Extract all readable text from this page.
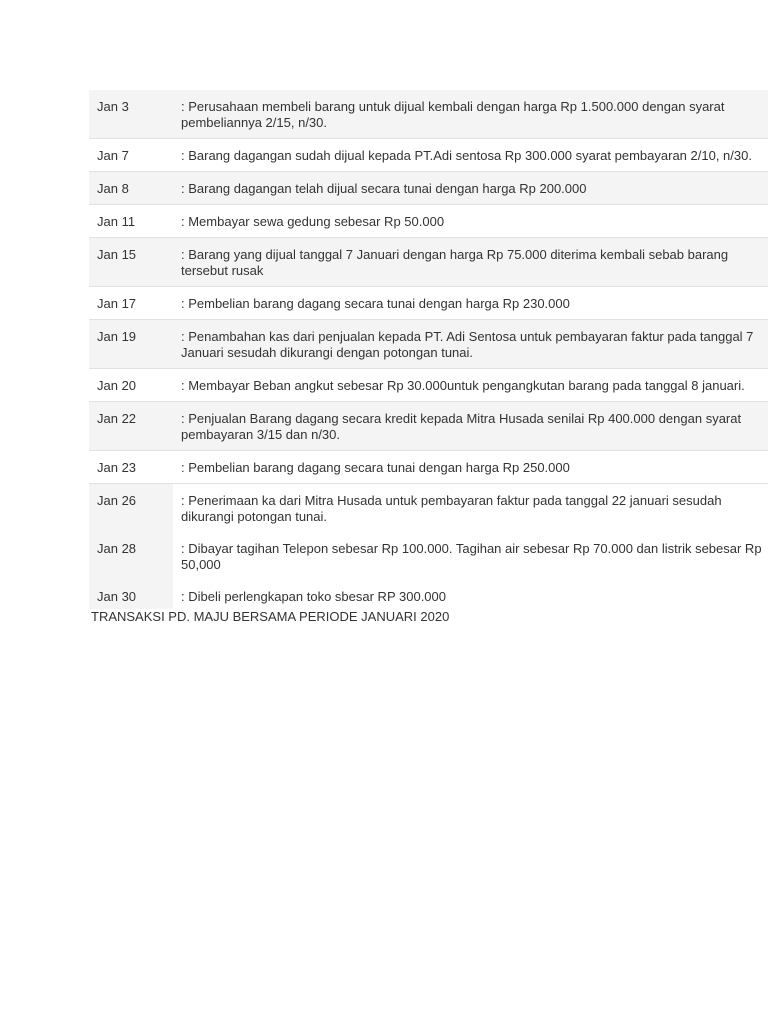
Jan 3	: Perusahaan membeli barang untuk dijual kembali dengan harga Rp 1.500.000 dengan syarat pembeliannya 2/15, n/30.
Jan 7	: Barang dagangan sudah dijual kepada PT.Adi sentosa Rp 300.000 syarat pembayaran 2/10, n/30.
Jan 8	: Barang dagangan telah dijual secara tunai dengan harga Rp 200.000
Jan 11	: Membayar sewa gedung sebesar Rp 50.000
Jan 15	: Barang yang dijual tanggal 7 Januari dengan harga Rp 75.000 diterima kembali sebab barang tersebut rusak
Jan 17	: Pembelian barang dagang secara tunai dengan harga Rp 230.000
Jan 19	: Penambahan kas dari penjualan kepada PT. Adi Sentosa untuk pembayaran faktur pada tanggal 7 Januari sesudah dikurangi dengan potongan tunai.
Jan 20	: Membayar Beban angkut sebesar Rp 30.000untuk pengangkutan barang pada tanggal 8 januari.
Jan 22	: Penjualan Barang dagang secara kredit kepada Mitra Husada senilai Rp 400.000 dengan syarat pembayaran 3/15 dan n/30.
Jan 23	: Pembelian barang dagang secara tunai dengan harga Rp 250.000
Jan 26	: Penerimaan ka dari Mitra Husada untuk pembayaran faktur pada tanggal 22 januari sesudah dikurangi potongan tunai.
Jan 28	: Dibayar tagihan Telepon sebesar Rp 100.000. Tagihan air sebesar Rp 70.000 dan listrik sebesar Rp 50,000
Jan 30	: Dibeli perlengkapan toko sbesar RP 300.000
TRANSAKSI PD. MAJU BERSAMA PERIODE JANUARI 2020
